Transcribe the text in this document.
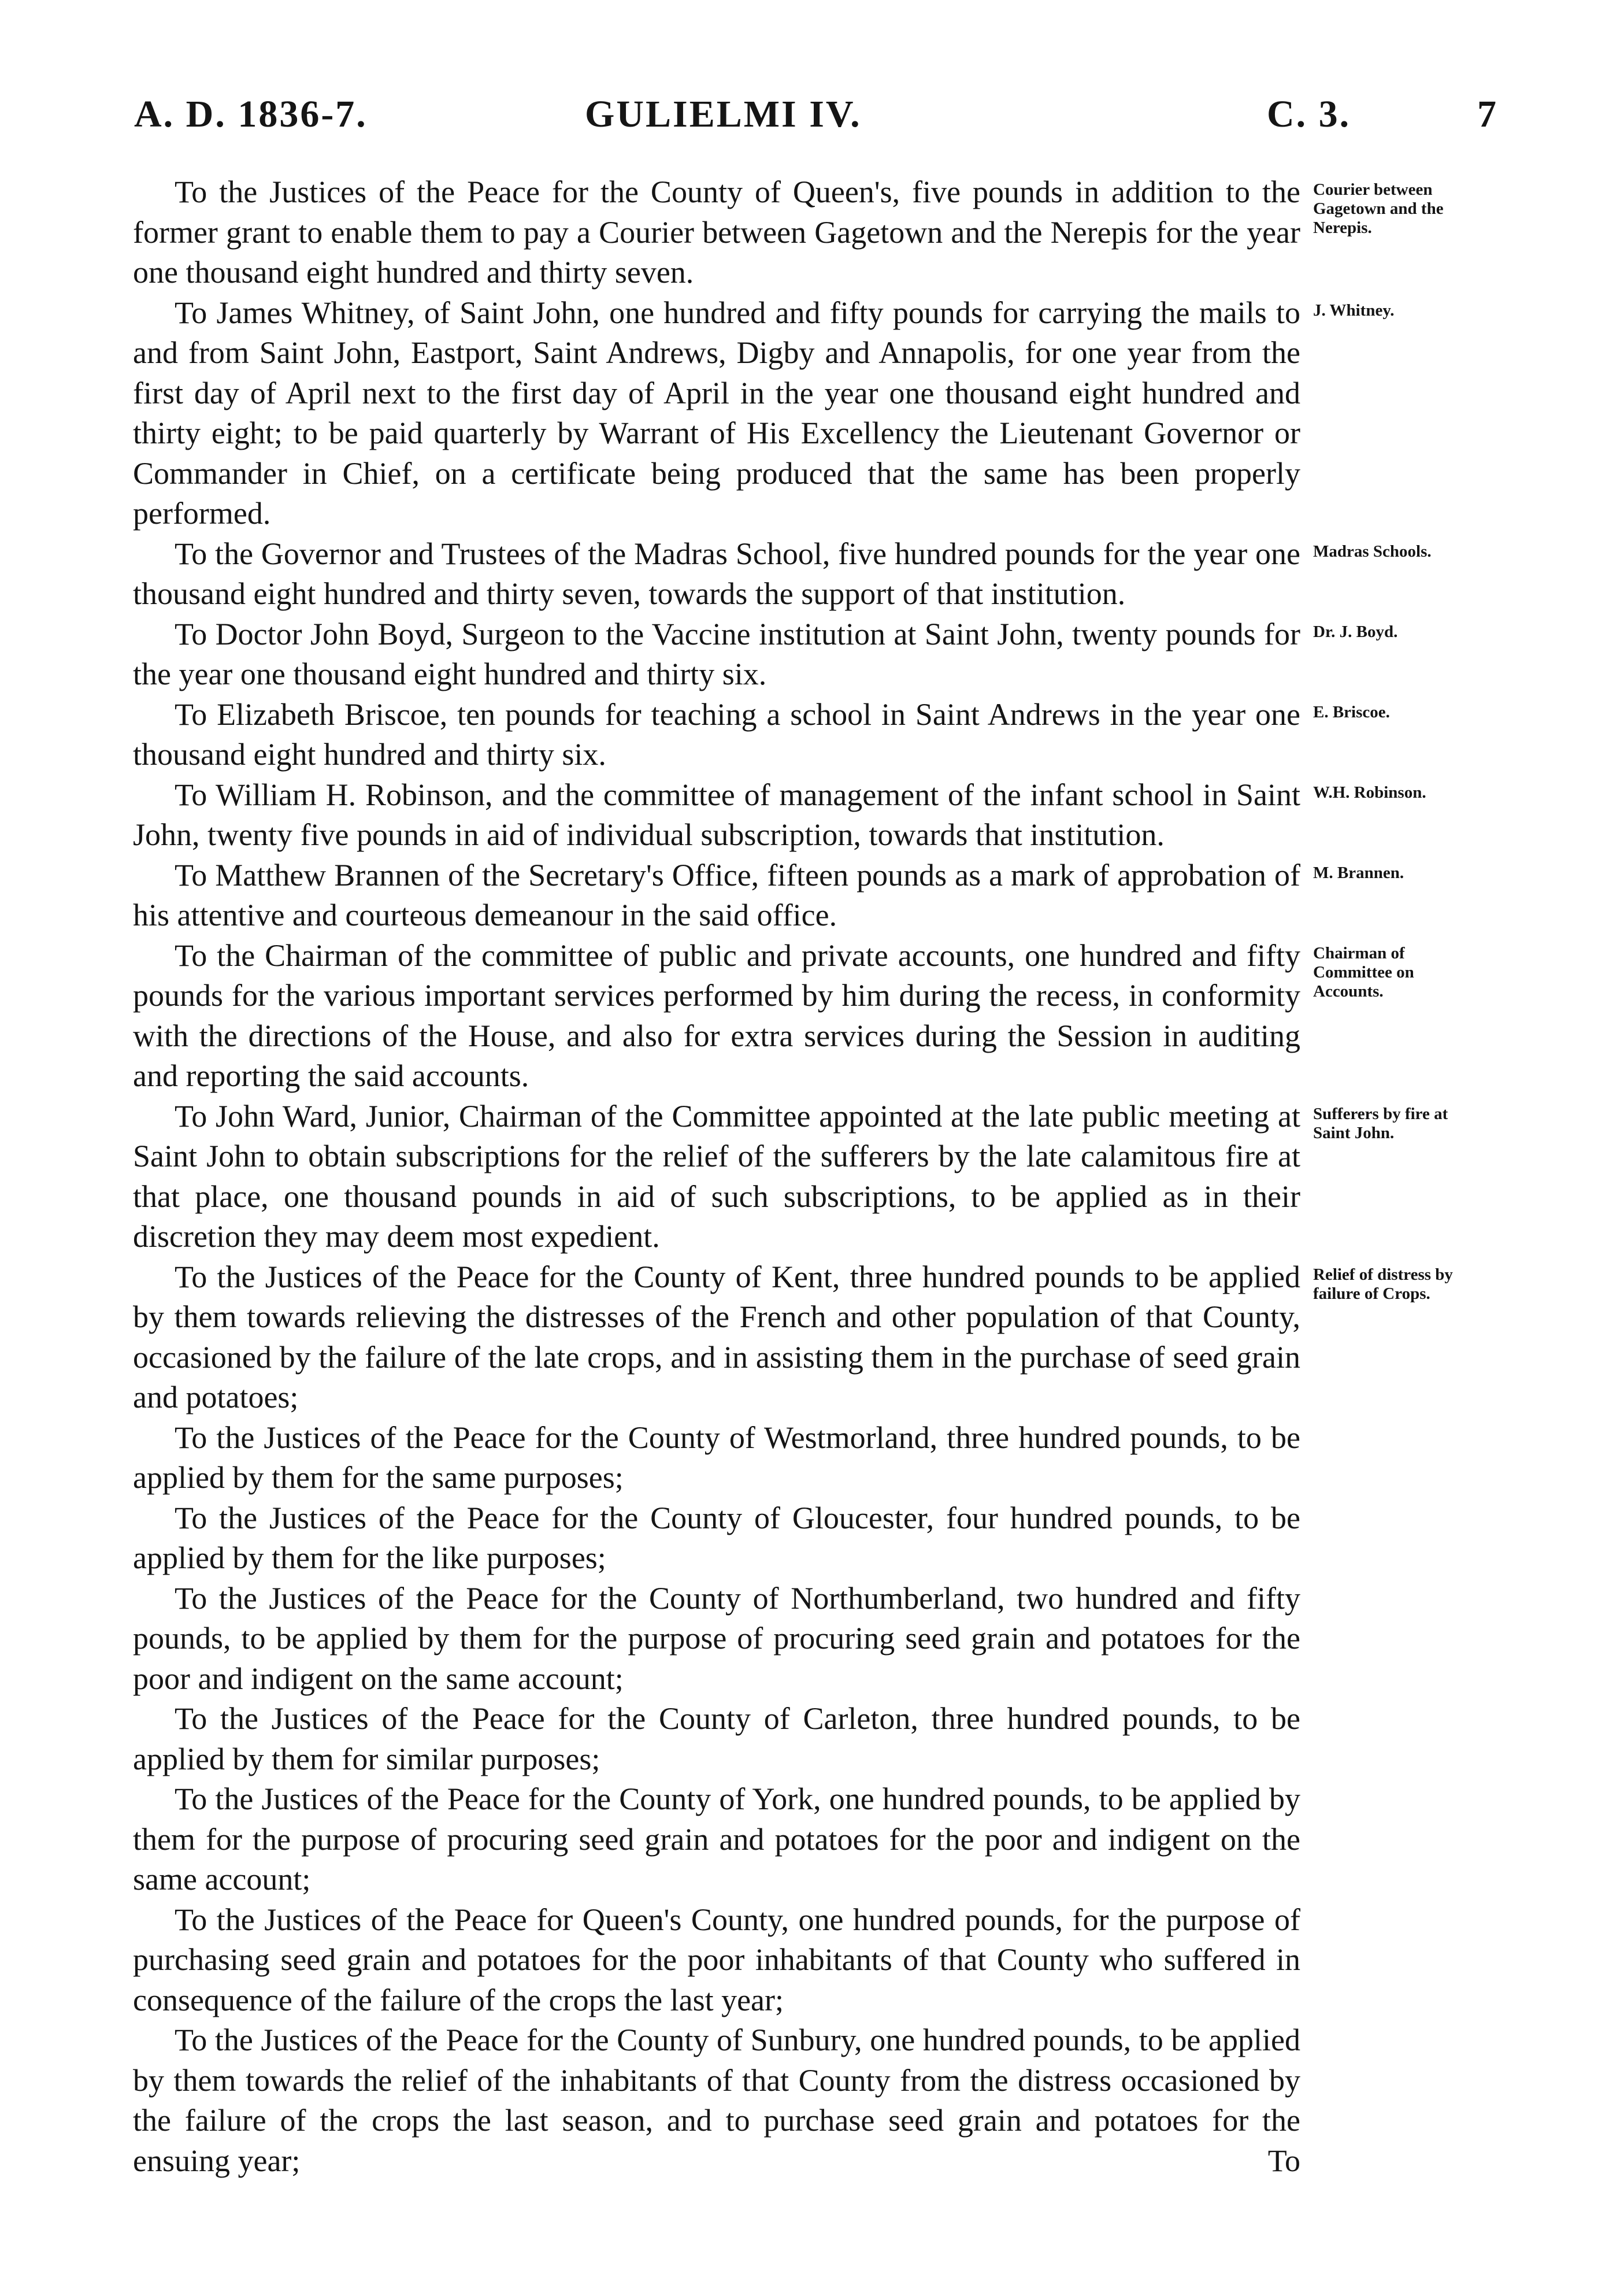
A. D. 1836-7.	GULIELMI IV.	C. 3.	7

To the Justices of the Peace for the County of Queen's, five pounds in addition to the former grant to enable them to pay a Courier between Gagetown and the Nerepis for the year one thousand eight hundred and thirty seven.

Courier between Gagetown and the Nerepis.

To James Whitney, of Saint John, one hundred and fifty pounds for carrying the mails to and from Saint John, Eastport, Saint Andrews, Digby and Annapolis, for one year from the first day of April next to the first day of April in the year one thousand eight hundred and thirty eight; to be paid quarterly by Warrant of His Excellency the Lieutenant Governor or Commander in Chief, on a certificate being produced that the same has been properly performed.

J. Whitney.

To the Governor and Trustees of the Madras School, five hundred pounds for the year one thousand eight hundred and thirty seven, towards the support of that institution.

Madras Schools.

To Doctor John Boyd, Surgeon to the Vaccine institution at Saint John, twenty pounds for the year one thousand eight hundred and thirty six.

Dr. J. Boyd.

To Elizabeth Briscoe, ten pounds for teaching a school in Saint Andrews in the year one thousand eight hundred and thirty six.

E. Briscoe.

To William H. Robinson, and the committee of management of the infant school in Saint John, twenty five pounds in aid of individual subscription, towards that institution.

W.H. Robinson.

To Matthew Brannen of the Secretary's Office, fifteen pounds as a mark of approbation of his attentive and courteous demeanour in the said office.

M. Brannen.

To the Chairman of the committee of public and private accounts, one hundred and fifty pounds for the various important services performed by him during the recess, in conformity with the directions of the House, and also for extra services during the Session in auditing and reporting the said accounts.

Chairman of Committee on Accounts.

To John Ward, Junior, Chairman of the Committee appointed at the late public meeting at Saint John to obtain subscriptions for the relief of the sufferers by the late calamitous fire at that place, one thousand pounds in aid of such subscriptions, to be applied as in their discretion they may deem most expedient.

Sufferers by fire at Saint John.

To the Justices of the Peace for the County of Kent, three hundred pounds to be applied by them towards relieving the distresses of the French and other population of that County, occasioned by the failure of the late crops, and in assisting them in the purchase of seed grain and potatoes;

Relief of distress by failure of Crops.

To the Justices of the Peace for the County of Westmorland, three hundred pounds, to be applied by them for the same purposes;

To the Justices of the Peace for the County of Gloucester, four hundred pounds, to be applied by them for the like purposes;

To the Justices of the Peace for the County of Northumberland, two hundred and fifty pounds, to be applied by them for the purpose of procuring seed grain and potatoes for the poor and indigent on the same account;

To the Justices of the Peace for the County of Carleton, three hundred pounds, to be applied by them for similar purposes;

To the Justices of the Peace for the County of York, one hundred pounds, to be applied by them for the purpose of procuring seed grain and potatoes for the poor and indigent on the same account;

To the Justices of the Peace for Queen's County, one hundred pounds, for the purpose of purchasing seed grain and potatoes for the poor inhabitants of that County who suffered in consequence of the failure of the crops the last year;

To the Justices of the Peace for the County of Sunbury, one hundred pounds, to be applied by them towards the relief of the inhabitants of that County from the distress occasioned by the failure of the crops the last season, and to purchase seed grain and potatoes for the ensuing year;	To
